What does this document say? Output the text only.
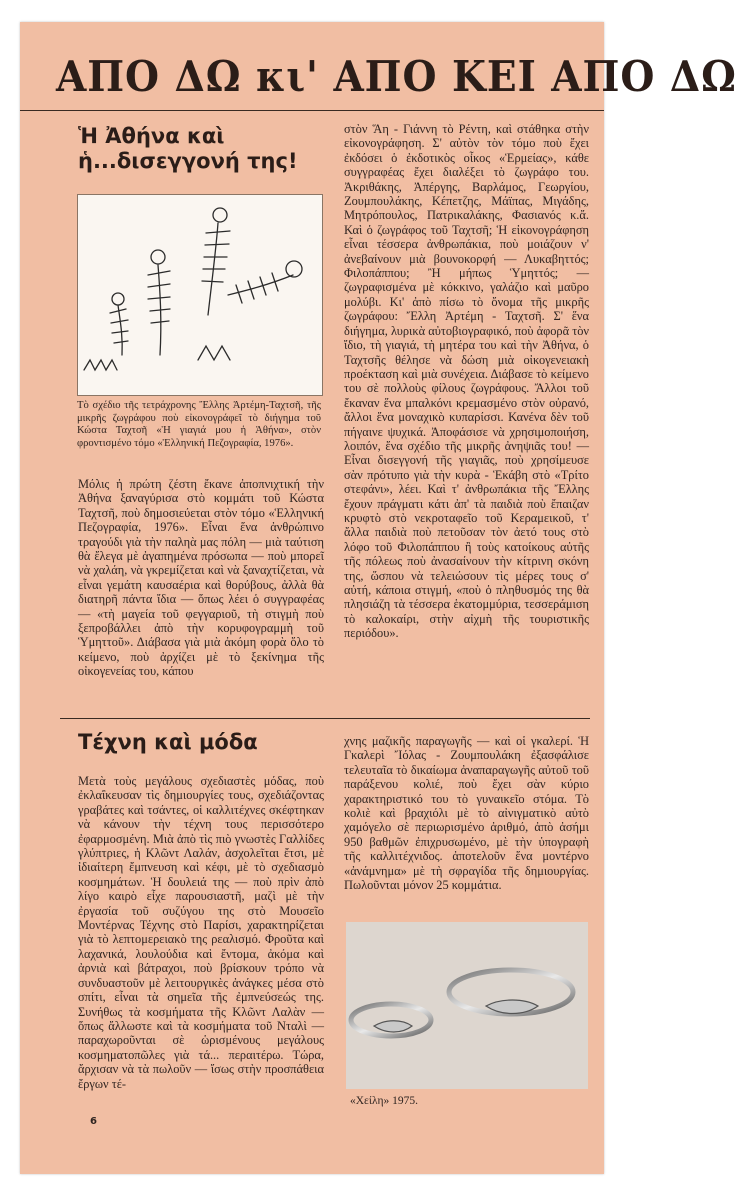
ΑΠΟ ΔΩ κι' ΑΠΟ ΚΕΙ ΑΠΟ ΔΩ
Ἡ Ἀθήνα καὶ ἡ...δισεγγονή της!
Τὸ σχέδιο τῆς τετράχρονης Ἔλλης Ἀρτέμη-Ταχτσῆ, τῆς μικρῆς ζωγράφου ποὺ εἰκονογράφεῖ τὸ διήγημα τοῦ Κώστα Ταχτσῆ «Ἡ γιαγιά μου ἡ Ἀθήνα», στὸν φροντισμένο τόμο «Ἑλληνική Πεζογραφία, 1976».

Μόλις ἡ πρώτη ζέστη ἔκανε ἀποπνιχτική τὴν Ἀθήνα ξαναγύρισα στὸ κομμάτι τοῦ Κώστα Ταχτσῆ, ποὺ δημοσιεύεται στὸν τόμο «Ἑλληνική Πεζογραφία, 1976». Εἶναι ἕνα ἀνθρώπινο τραγούδι γιὰ τὴν παληὰ μας πόλη — μιὰ ταύτιση θὰ ἔλεγα μὲ ἀγαπημένα πρόσωπα — ποὺ μπορεῖ νὰ χαλάη, νὰ γκρεμίζεται καὶ νὰ ξαναχτίζεται, νὰ εἶναι γεμάτη καυσαέρια καὶ θορύβους, ἀλλὰ θὰ διατηρῆ πάντα ἴδια — ὅπως λέει ὁ συγγραφέας — «τὴ μαγεία τοῦ φεγγαριοῦ, τὴ στιγμὴ ποὺ ξεπροβάλλει ἀπὸ τὴν κορυφογραμμὴ τοῦ Ὑμηττοῦ». Διάβασα γιὰ μιὰ ἀκόμη φορὰ ὅλο τὸ κείμενο, ποὺ ἀρχίζει μὲ τὸ ξεκίνημα τῆς οἰκογενείας του, κάπου

στὸν Ἅη - Γιάννη τὸ Ρέντη, καὶ στάθηκα στὴν εἰκονογράφηση. Σ' αὐτὸν τὸν τόμο ποὺ ἔχει ἐκδόσει ὁ ἐκδοτικὸς οἶκος «Ἑρμείας», κάθε συγγραφέας ἔχει διαλέξει τὸ ζωγράφο του. Ἀκριθάκης, Ἀπέργης, Βαρλάμος, Γεωργίου, Ζουμπουλάκης, Κέπετζης, Μάϊπας, Μιγάδης, Μητρόπουλος, Πατρικαλάκης, Φασιανός κ.ἄ. Καὶ ὁ ζωγράφος τοῦ Ταχτσῆ; Ἡ εἰκονογράφηση εἶναι τέσσερα ἀνθρωπάκια, ποὺ μοιάζουν ν' ἀνεβαίνουν μιὰ βουνοκορφή — Λυκαβηττός; Φιλοπάππου; Ἢ μήπως Ὑμηττός; — ζωγραφισμένα μὲ κόκκινο, γαλάζιο καὶ μαῦρο μολύβι. Κι' ἀπὸ πίσω τὸ ὄνομα τῆς μικρῆς ζωγράφου: Ἔλλη Ἀρτέμη - Ταχτσῆ. Σ' ἕνα διήγημα, λυρικὰ αὐτοβιογραφικό, ποὺ ἀφορᾶ τὸν ἴδιο, τὴ γιαγιά, τὴ μητέρα του καὶ τὴν Ἀθήνα, ὁ Ταχτσῆς θέλησε νὰ δώση μιὰ οἰκογενειακὴ προέκταση καὶ μιὰ συνέχεια. Διάβασε τὸ κείμενο του σὲ πολλοὺς φίλους ζωγράφους. Ἄλλοι τοῦ ἔκαναν ἕνα μπαλκόνι κρεμασμένο στὸν οὐρανό, ἄλλοι ἕνα μοναχικὸ κυπαρίσσι. Κανένα δὲν τοῦ πήγαινε ψυχικά. Ἀποφάσισε νὰ χρησιμοποιήση, λοιπόν, ἕνα σχέδιο τῆς μικρῆς ἀνηψιᾶς του! — Εἶναι δισεγγονή τῆς γιαγιᾶς, ποὺ χρησίμευσε σὰν πρότυπο γιὰ τὴν κυρὰ - Ἑκάβη στὸ «Τρίτο στεφάνι», λέει. Καὶ τ' ἀνθρωπάκια τῆς Ἔλλης ἔχουν πράγματι κάτι ἀπ' τὰ παιδιὰ ποὺ ἔπαιζαν κρυφτὸ στὸ νεκροταφεῖο τοῦ Κεραμεικοῦ, τ' ἄλλα παιδιὰ ποὺ πετοῦσαν τὸν ἀετό τους στὸ λόφο τοῦ Φιλοπάππου ἢ τοὺς κατοίκους αὐτῆς τῆς πόλεως ποὺ ἀνασαίνουν τὴν κίτρινη σκόνη της, ὥσπου νὰ τελειώσουν τὶς μέρες τους σ' αὐτή, κάποια στιγμή, «ποὺ ὁ πληθυσμός της θὰ πλησιάζη τὰ τέσσερα ἑκατομμύρια, τεσσεράμιση τὸ καλοκαίρι, στὴν αἰχμὴ τῆς τουριστικῆς περιόδου».

Τέχνη καὶ μόδα

Μετὰ τοὺς μεγάλους σχεδιαστὲς μόδας, ποὺ ἐκλαΐκευσαν τὶς δημιουργίες τους, σχεδιάζοντας γραβάτες καὶ τσάντες, οἱ καλλιτέχνες σκέφτηκαν νὰ κάνουν τὴν τέχνη τους περισσότερο ἐφαρμοσμένη. Μιὰ ἀπὸ τὶς πιὸ γνωστὲς Γαλλίδες γλύπτριες, ἡ Κλῶντ Λαλάν, ἀσχολεῖται ἔτσι, μὲ ἰδιαίτερη ἔμπνευση καὶ κέφι, μὲ τὸ σχεδιασμὸ κοσμημάτων. Ἡ δουλειά της — ποὺ πρὶν ἀπὸ λίγο καιρὸ εἶχε παρουσιαστῆ, μαζὶ μὲ τὴν ἐργασία τοῦ συζύγου της στὸ Μουσεῖο Μοντέρνας Τέχνης στὸ Παρίσι, χαρακτηρίζεται γιὰ τὸ λεπτομερειακὸ της ρεαλισμό. Φροῦτα καὶ λαχανικά, λουλούδια καὶ ἔντομα, ἀκόμα καὶ ἀρνιὰ καὶ βάτραχοι, ποὺ βρίσκουν τρόπο νὰ συνδυαστοῦν μὲ λειτουργικὲς ἀνάγκες μέσα στὸ σπίτι, εἶναι τὰ σημεῖα τῆς ἐμπνεύσεώς της. Συνήθως τὰ κοσμήματα τῆς Κλῶντ Λαλὰν — ὅπως ἄλλωστε καὶ τὰ κοσμήματα τοῦ Νταλὶ — παραχωροῦνται σὲ ὡρισμένους μεγάλους κοσμηματοπῶλες γιὰ τά... περαιτέρω. Τώρα, ἄρχισαν νὰ τὰ πωλοῦν — ἴσως στὴν προσπάθεια ἔργων τέ-

χνης μαζικῆς παραγωγῆς — καὶ οἱ γκαλερί. Ἡ Γκαλερὶ Ἴόλας - Ζουμπουλάκη ἐξασφάλισε τελευταῖα τὸ δικαίωμα ἀναπαραγωγῆς αὐτοῦ τοῦ παράξενου κολιέ, ποὺ ἔχει σὰν κύριο χαρακτηριστικό του τὸ γυναικεῖο στόμα. Τὸ κολιὲ καὶ βραχιόλι μὲ τὸ αἰνιγματικὸ αὐτὸ χαμόγελο σὲ περιωρισμένο ἀριθμό, ἀπὸ ἀσήμι 950 βαθμῶν ἐπιχρυσωμένο, μὲ τὴν ὑπογραφὴ τῆς καλλιτέχνιδος. ἀποτελοῦν ἕνα μοντέρνο «ἀνάμνημα» μὲ τὴ σφραγίδα τῆς δημιουργίας. Πωλοῦνται μόνον 25 κομμάτια.

«Χείλη» 1975.
6
